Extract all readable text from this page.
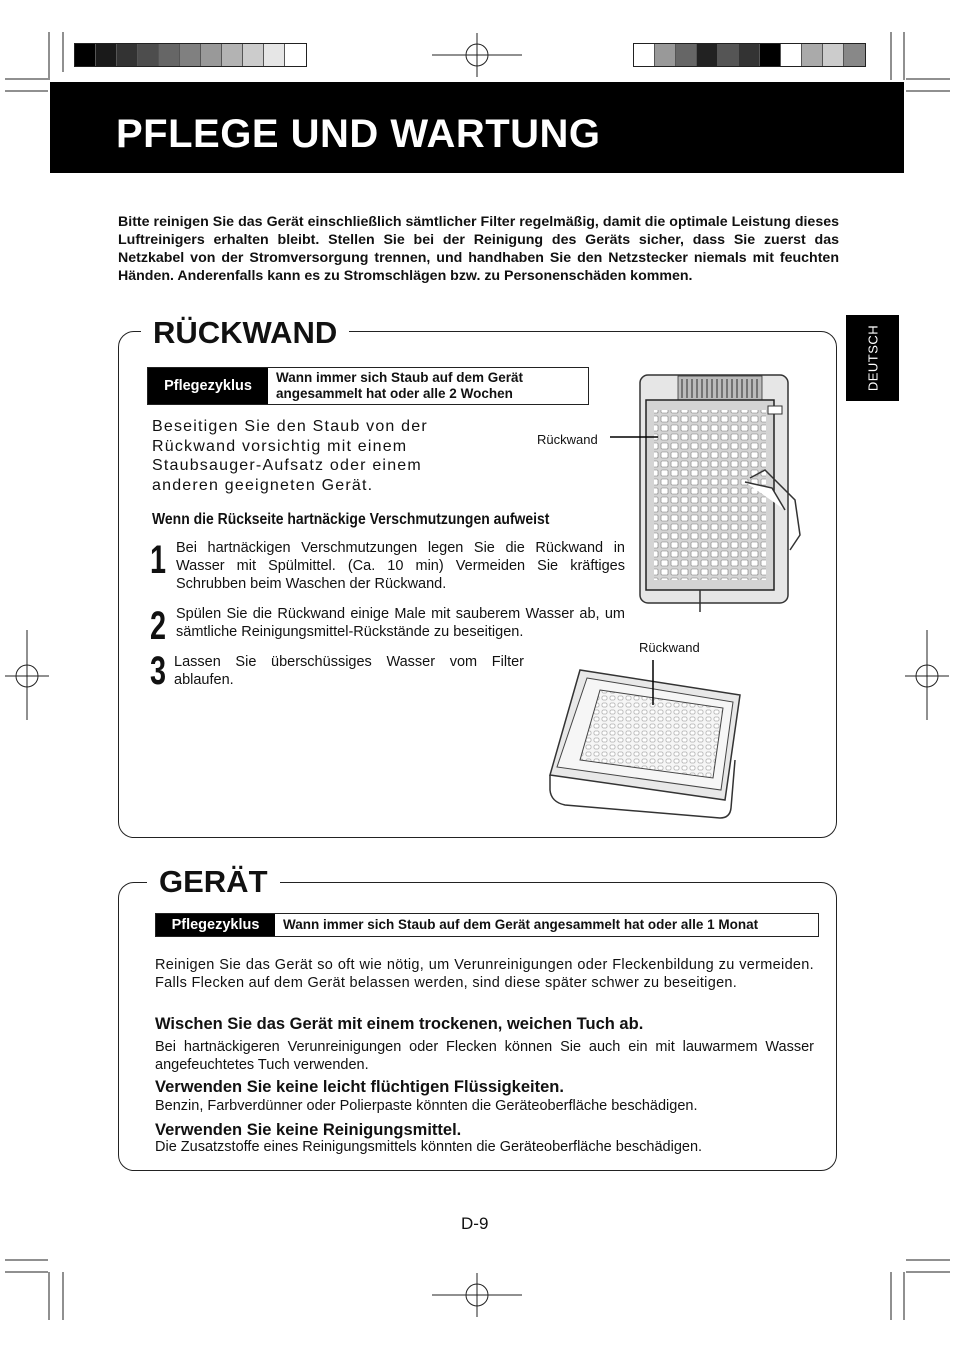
PFLEGE UND WARTUNG
Bitte reinigen Sie das Gerät einschließlich sämtlicher Filter regelmäßig, damit die optimale Leistung dieses Luftreinigers erhalten bleibt. Stellen Sie bei der Reinigung des Geräts sicher, dass Sie zuerst das Netzkabel von der Stromversorgung trennen, und handhaben Sie den Netzstecker niemals mit feuchten Händen. Anderenfalls kann es zu Stromschlägen bzw. zu Personenschäden kommen.
DEUTSCH
RÜCKWAND
Pflegezyklus
Wann immer sich Staub auf dem Gerät
angesammelt hat oder alle 2 Wochen
Beseitigen Sie den Staub von der Rückwand vorsichtig mit einem Staubsauger-Aufsatz oder einem anderen geeigneten Gerät.
Wenn die Rückseite hartnäckige Verschmutzungen aufweist
1 Bei hartnäckigen Verschmutzungen legen Sie die Rückwand in Wasser mit Spülmittel. (Ca. 10 min) Vermeiden Sie kräftiges Schrubben beim Waschen der Rückwand.
2 Spülen Sie die Rückwand einige Male mit sauberem Wasser ab, um sämtliche Reinigungsmittel-Rückstände zu beseitigen.
3 Lassen Sie überschüssiges Wasser vom Filter ablaufen.
Rückwand
Rückwand
GERÄT
Pflegezyklus	Wann immer sich Staub auf dem Gerät angesammelt hat oder alle 1 Monat
Reinigen Sie das Gerät so oft wie nötig, um Verunreinigungen oder Fleckenbildung zu vermeiden. Falls Flecken auf dem Gerät belassen werden, sind diese später schwer zu beseitigen.
Wischen Sie das Gerät mit einem trockenen, weichen Tuch ab.
Bei hartnäckigeren Verunreinigungen oder Flecken können Sie auch ein mit lauwarmem Wasser angefeuchtetes Tuch verwenden.
Verwenden Sie keine leicht flüchtigen Flüssigkeiten.
Benzin, Farbverdünner oder Polierpaste könnten die Geräteoberfläche beschädigen.
Verwenden Sie keine Reinigungsmittel.
Die Zusatzstoffe eines Reinigungsmittels könnten die Geräteoberfläche beschädigen.
D-9
